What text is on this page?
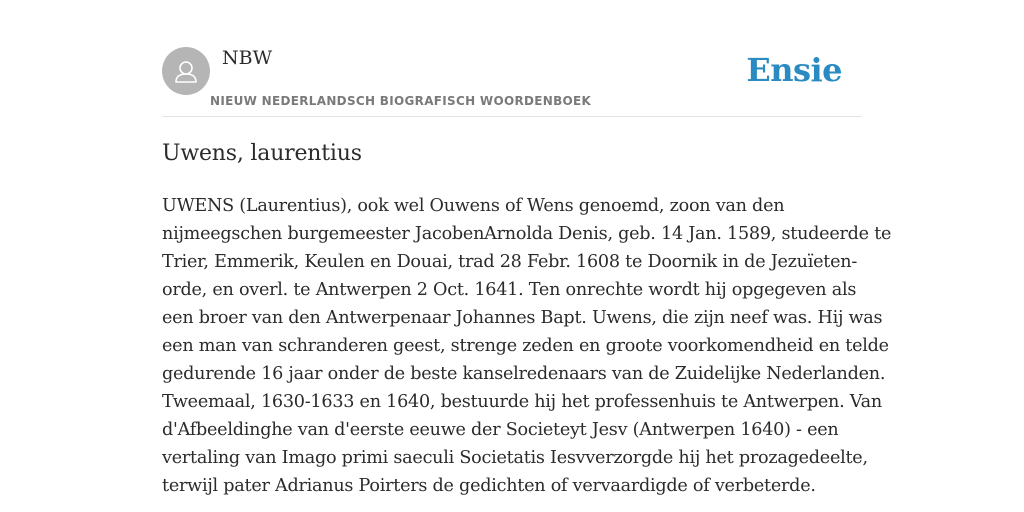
NBW
NIEUW NEDERLANDSCH BIOGRAFISCH WOORDENBOEK
Ensie
Uwens, laurentius
UWENS (Laurentius), ook wel Ouwens of Wens genoemd, zoon van den
nijmeegschen burgemeester JacobenArnolda Denis, geb. 14 Jan. 1589, studeerde te
Trier, Emmerik, Keulen en Douai, trad 28 Febr. 1608 te Doornik in de Jezuïeten-
orde, en overl. te Antwerpen 2 Oct. 1641. Ten onrechte wordt hij opgegeven als
een broer van den Antwerpenaar Johannes Bapt. Uwens, die zijn neef was. Hij was
een man van schranderen geest, strenge zeden en groote voorkomendheid en telde
gedurende 16 jaar onder de beste kanselredenaars van de Zuidelijke Nederlanden.
Tweemaal, 1630-1633 en 1640, bestuurde hij het professenhuis te Antwerpen. Van
d'Afbeeldinghe van d'eerste eeuwe der Societeyt Jesv (Antwerpen 1640) - een
vertaling van Imago primi saeculi Societatis Iesvverzorgde hij het prozagedeelte,
terwijl pater Adrianus Poirters de gedichten of vervaardigde of verbeterde.
